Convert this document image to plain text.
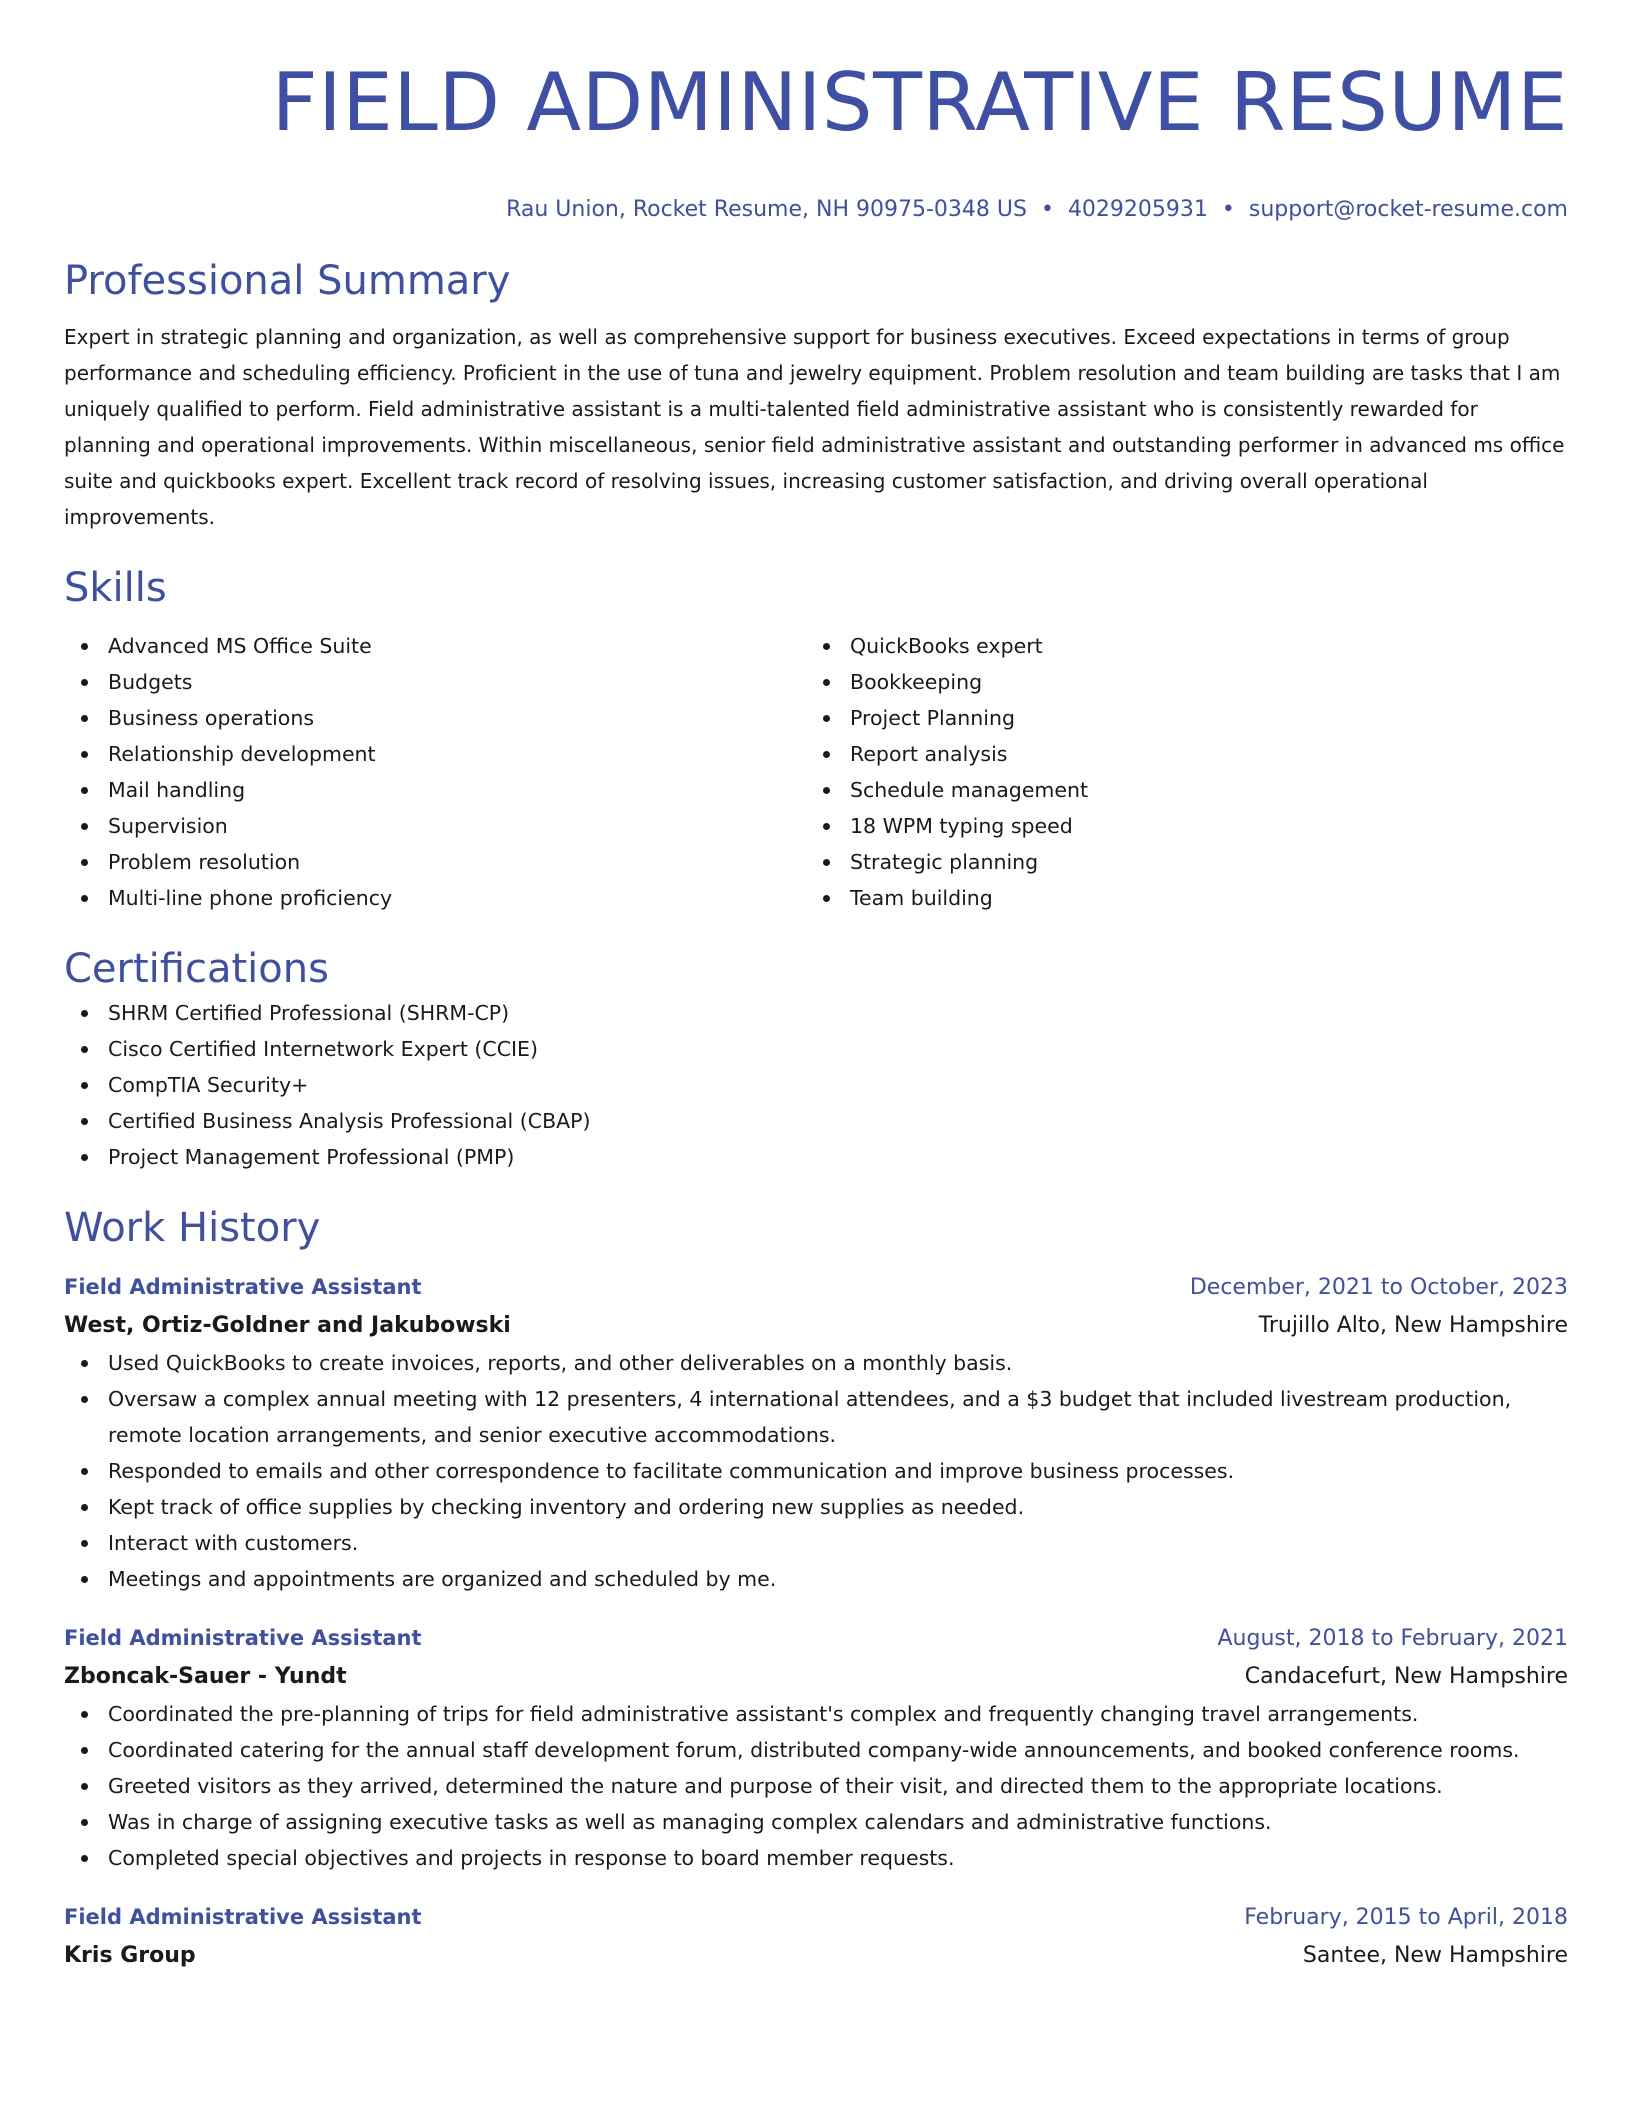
FIELD ADMINISTRATIVE RESUME
Rau Union, Rocket Resume, NH 90975-0348 US • 4029205931 • support@rocket-resume.com
Professional Summary
Expert in strategic planning and organization, as well as comprehensive support for business executives. Exceed expectations in terms of group performance and scheduling efficiency. Proficient in the use of tuna and jewelry equipment. Problem resolution and team building are tasks that I am uniquely qualified to perform. Field administrative assistant is a multi-talented field administrative assistant who is consistently rewarded for planning and operational improvements. Within miscellaneous, senior field administrative assistant and outstanding performer in advanced ms office suite and quickbooks expert. Excellent track record of resolving issues, increasing customer satisfaction, and driving overall operational improvements.
Skills
Advanced MS Office Suite
Budgets
Business operations
Relationship development
Mail handling
Supervision
Problem resolution
Multi-line phone proficiency
QuickBooks expert
Bookkeeping
Project Planning
Report analysis
Schedule management
18 WPM typing speed
Strategic planning
Team building
Certifications
SHRM Certified Professional (SHRM-CP)
Cisco Certified Internetwork Expert (CCIE)
CompTIA Security+
Certified Business Analysis Professional (CBAP)
Project Management Professional (PMP)
Work History
Field Administrative Assistant	December, 2021 to October, 2023
West, Ortiz-Goldner and Jakubowski	Trujillo Alto, New Hampshire
Used QuickBooks to create invoices, reports, and other deliverables on a monthly basis.
Oversaw a complex annual meeting with 12 presenters, 4 international attendees, and a $3 budget that included livestream production, remote location arrangements, and senior executive accommodations.
Responded to emails and other correspondence to facilitate communication and improve business processes.
Kept track of office supplies by checking inventory and ordering new supplies as needed.
Interact with customers.
Meetings and appointments are organized and scheduled by me.
Field Administrative Assistant	August, 2018 to February, 2021
Zboncak-Sauer - Yundt	Candacefurt, New Hampshire
Coordinated the pre-planning of trips for field administrative assistant's complex and frequently changing travel arrangements.
Coordinated catering for the annual staff development forum, distributed company-wide announcements, and booked conference rooms.
Greeted visitors as they arrived, determined the nature and purpose of their visit, and directed them to the appropriate locations.
Was in charge of assigning executive tasks as well as managing complex calendars and administrative functions.
Completed special objectives and projects in response to board member requests.
Field Administrative Assistant	February, 2015 to April, 2018
Kris Group	Santee, New Hampshire
